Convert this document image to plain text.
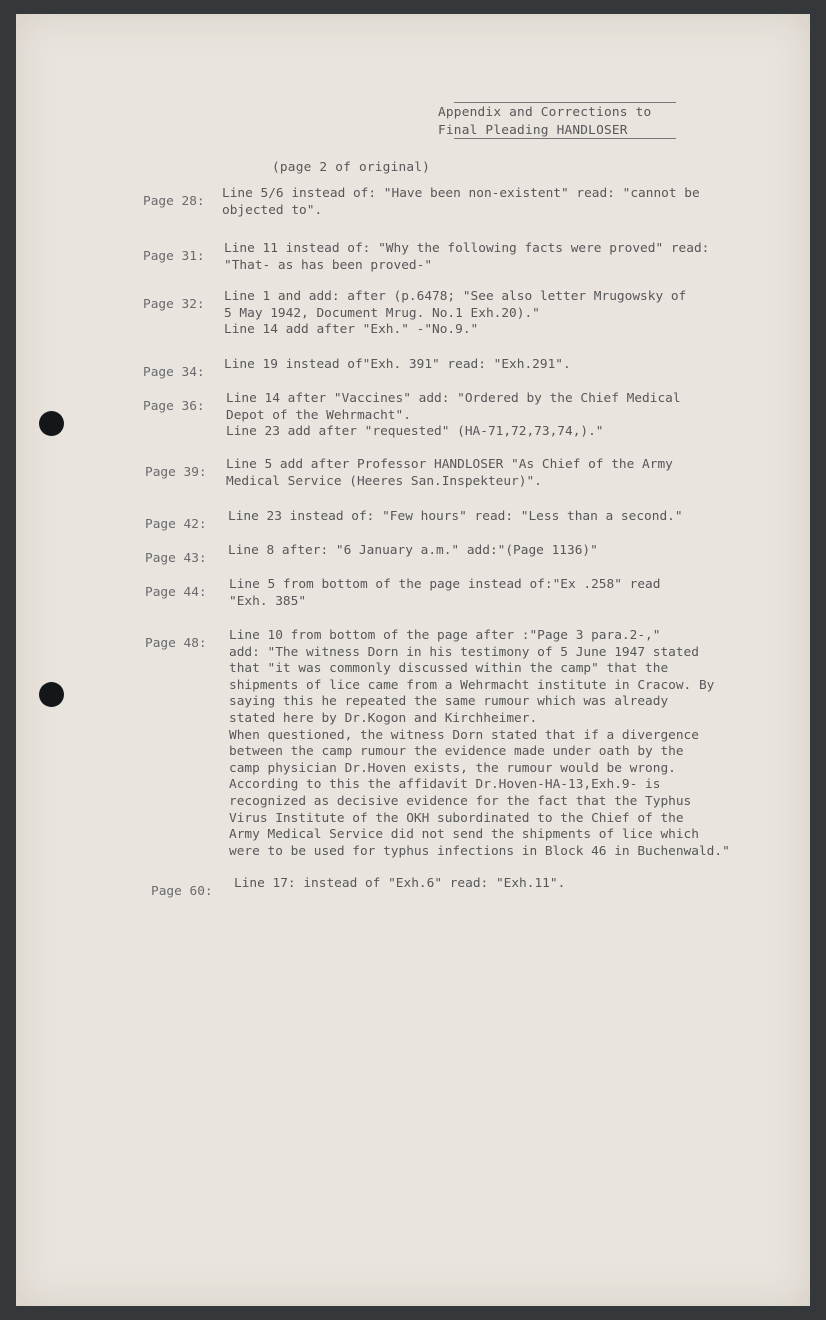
Appendix and Corrections to
Final Pleading HANDLOSER
(page 2 of original)
Page 28:
Line 5/6 instead of: "Have been non-existent" read: "cannot be
objected to".
Page 31:
Line 11 instead of: "Why the following facts were proved" read:
"That- as has been proved-"
Page 32:
Line 1 and add: after (p.6478; "See also letter Mrugowsky of
5 May 1942, Document Mrug. No.1 Exh.20)."
Line 14 add after "Exh." -"No.9."
Page 34:
Line 19 instead of"Exh. 391" read: "Exh.291".
Page 36:
Line 14 after "Vaccines" add: "Ordered by the Chief Medical
Depot of the Wehrmacht".
Line 23 add after "requested" (HA-71,72,73,74,)."
Page 39:
Line 5 add after Professor HANDLOSER "As Chief of the Army
Medical Service (Heeres San.Inspekteur)".
Page 42:
Line 23 instead of: "Few hours" read: "Less than a second."
Page 43:
Line 8 after: "6 January a.m." add:"(Page 1136)"
Page 44:
Line 5 from bottom of the page instead of:"Ex .258" read
"Exh. 385"
Page 48:
Line 10 from bottom of the page after :"Page 3 para.2-,"
add: "The witness Dorn in his testimony of 5 June 1947 stated
that "it was commonly discussed within the camp" that the
shipments of lice came from a Wehrmacht institute in Cracow. By
saying this he repeated the same rumour which was already
stated here by Dr.Kogon and Kirchheimer.
When questioned, the witness Dorn stated that if a divergence
between the camp rumour the evidence made under oath by the
camp physician Dr.Hoven exists, the rumour would be wrong.
According to this the affidavit Dr.Hoven-HA-13,Exh.9- is
recognized as decisive evidence for the fact that the Typhus
Virus Institute of the OKH subordinated to the Chief of the
Army Medical Service did not send the shipments of lice which
were to be used for typhus infections in Block 46 in Buchenwald."
Page 60:
Line 17: instead of "Exh.6" read: "Exh.11".
